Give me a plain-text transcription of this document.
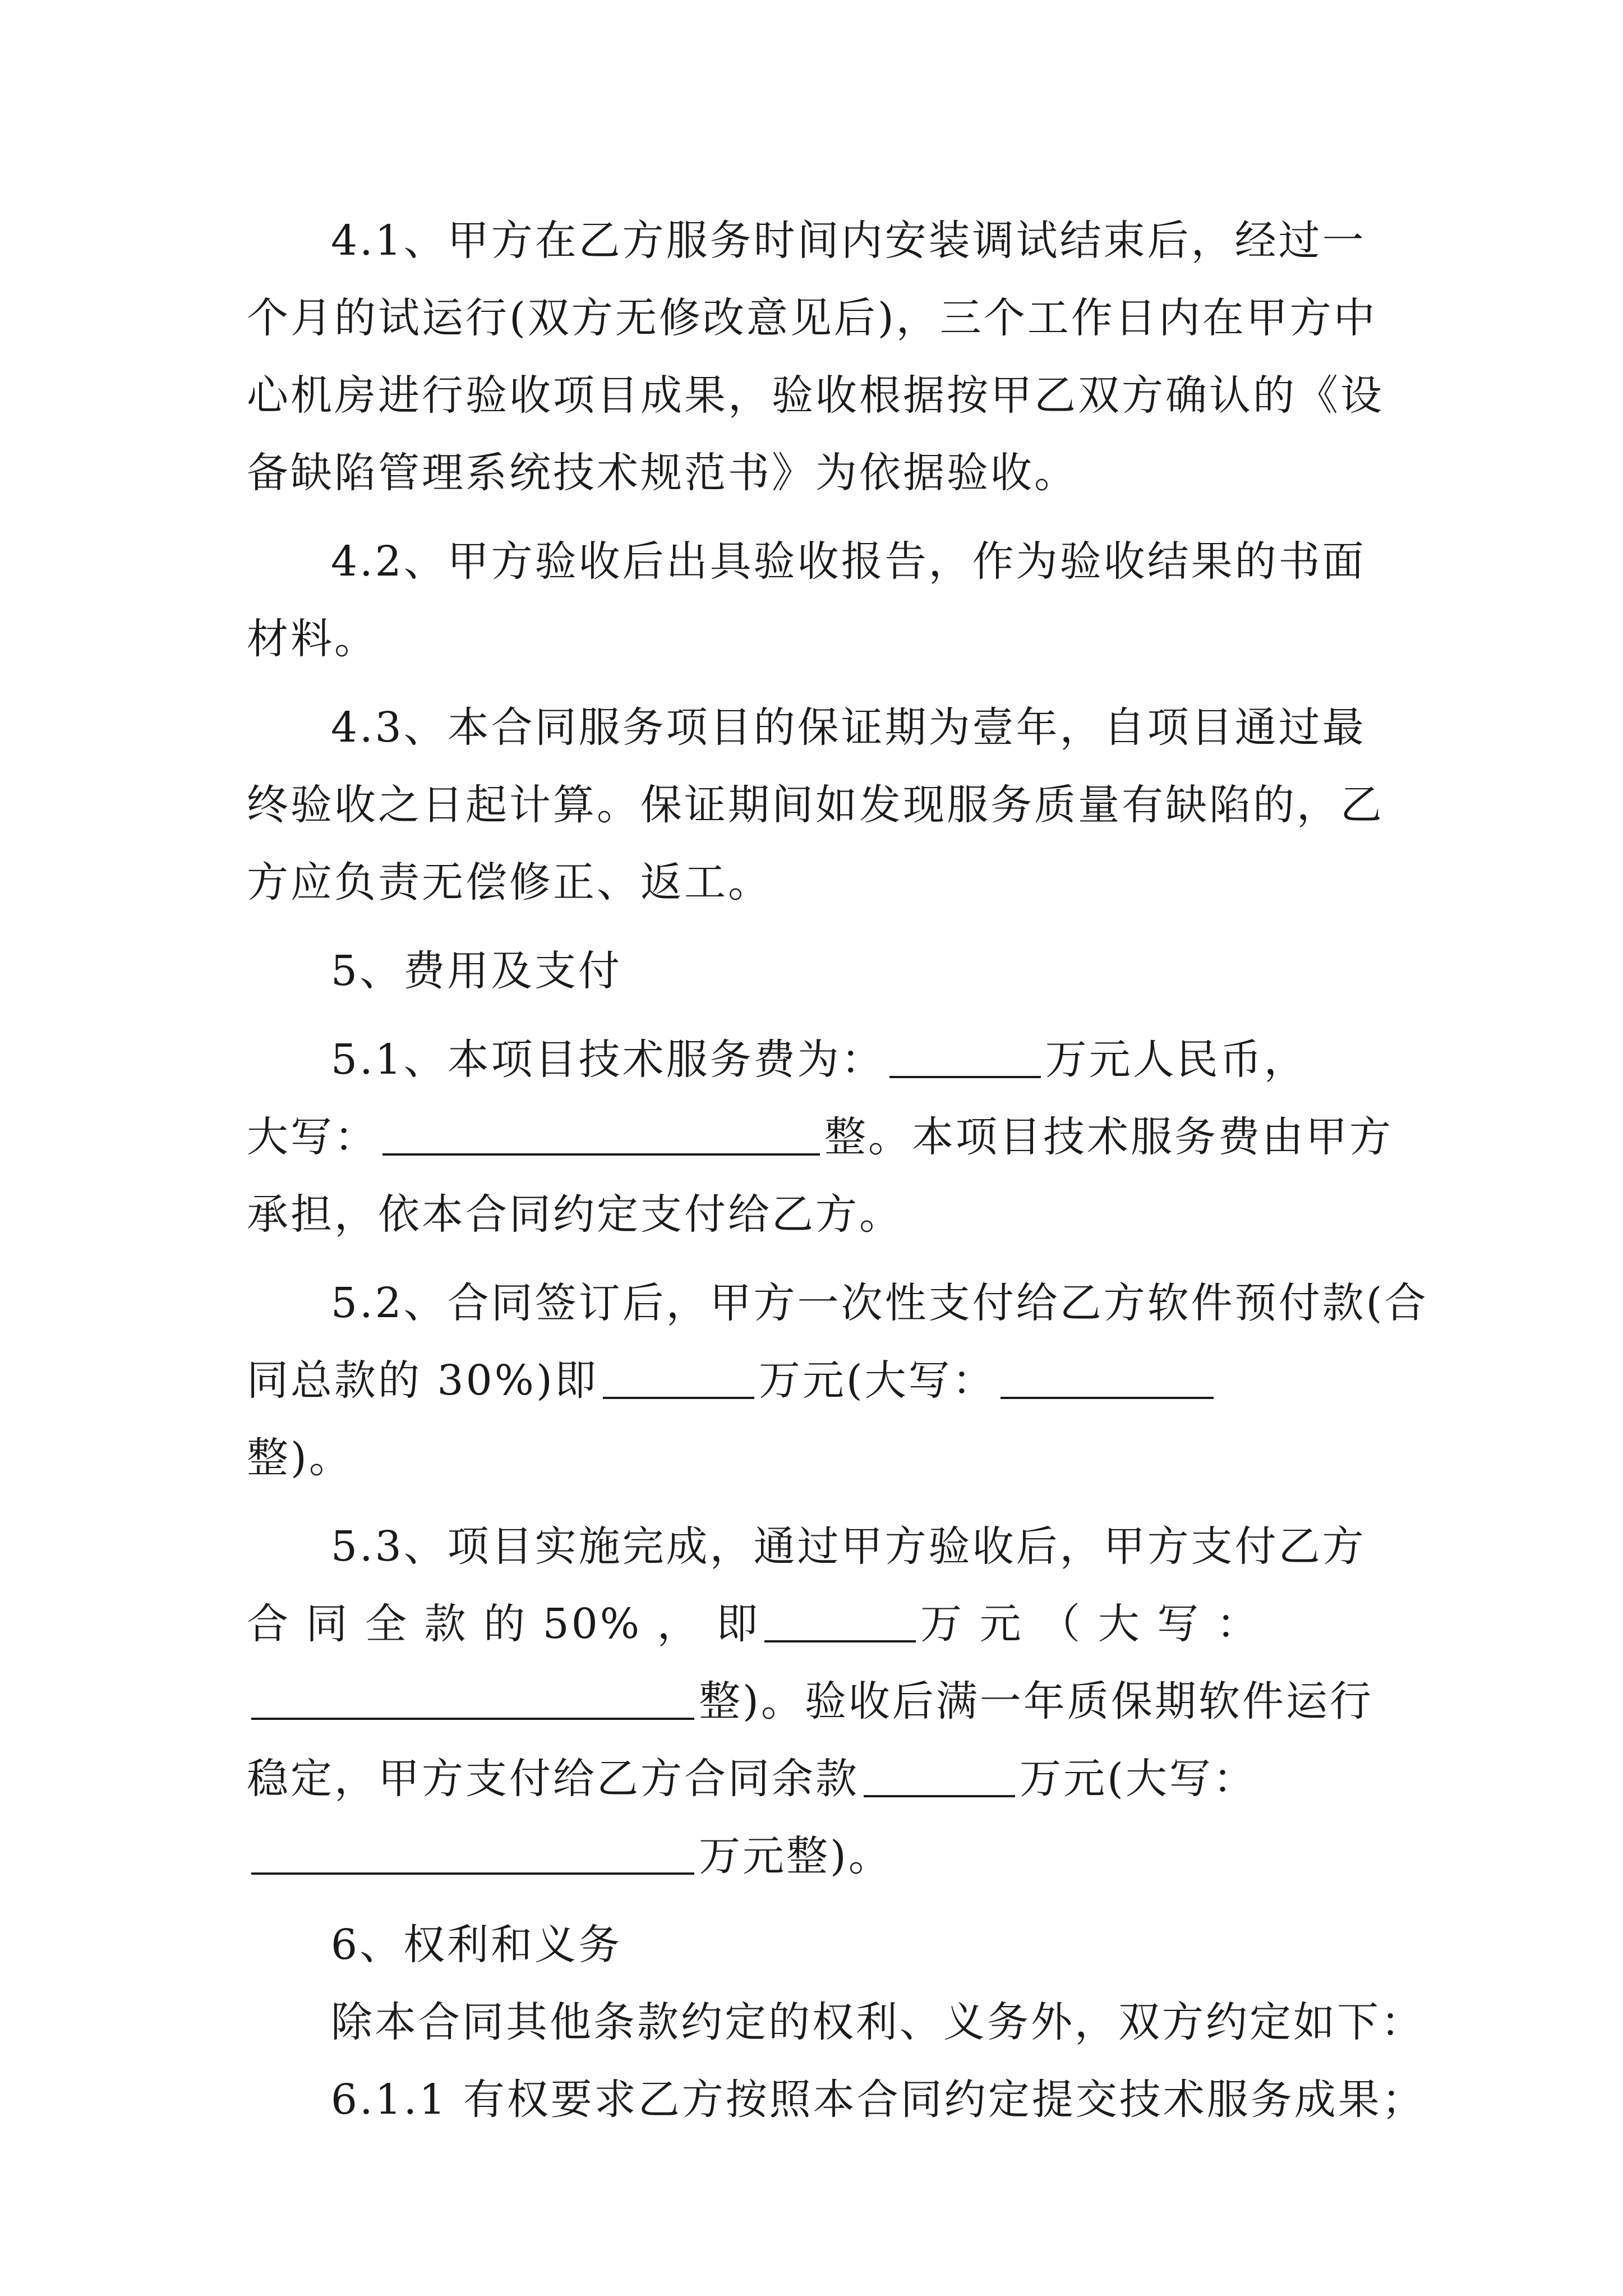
4.1、甲方在乙方服务时间内安装调试结束后，经过一

个月的试运行(双方无修改意见后)，三个工作日内在甲方中

心机房进行验收项目成果，验收根据按甲乙双方确认的《设

备缺陷管理系统技术规范书》为依据验收。

4.2、甲方验收后出具验收报告，作为验收结果的书面

材料。

4.3、本合同服务项目的保证期为壹年，自项目通过最

终验收之日起计算。保证期间如发现服务质量有缺陷的，乙

方应负责无偿修正、返工。

5、费用及支付

5.1、本项目技术服务费为：	万元人民币，

大写：	整。本项目技术服务费由甲方

承担，依本合同约定支付给乙方。

5.2、合同签订后，甲方一次性支付给乙方软件预付款(合

同总款的 30%)即	万元(大写：

整)。

5.3、项目实施完成，通过甲方验收后，甲方支付乙方

合 同 全 款 的 50% ， 即	万 元 （ 大 写 ：

整)。验收后满一年质保期软件运行

稳定，甲方支付给乙方合同余款	万元(大写：

万元整)。

6、权利和义务

除本合同其他条款约定的权利、义务外，双方约定如下：

6.1.1 有权要求乙方按照本合同约定提交技术服务成果；
